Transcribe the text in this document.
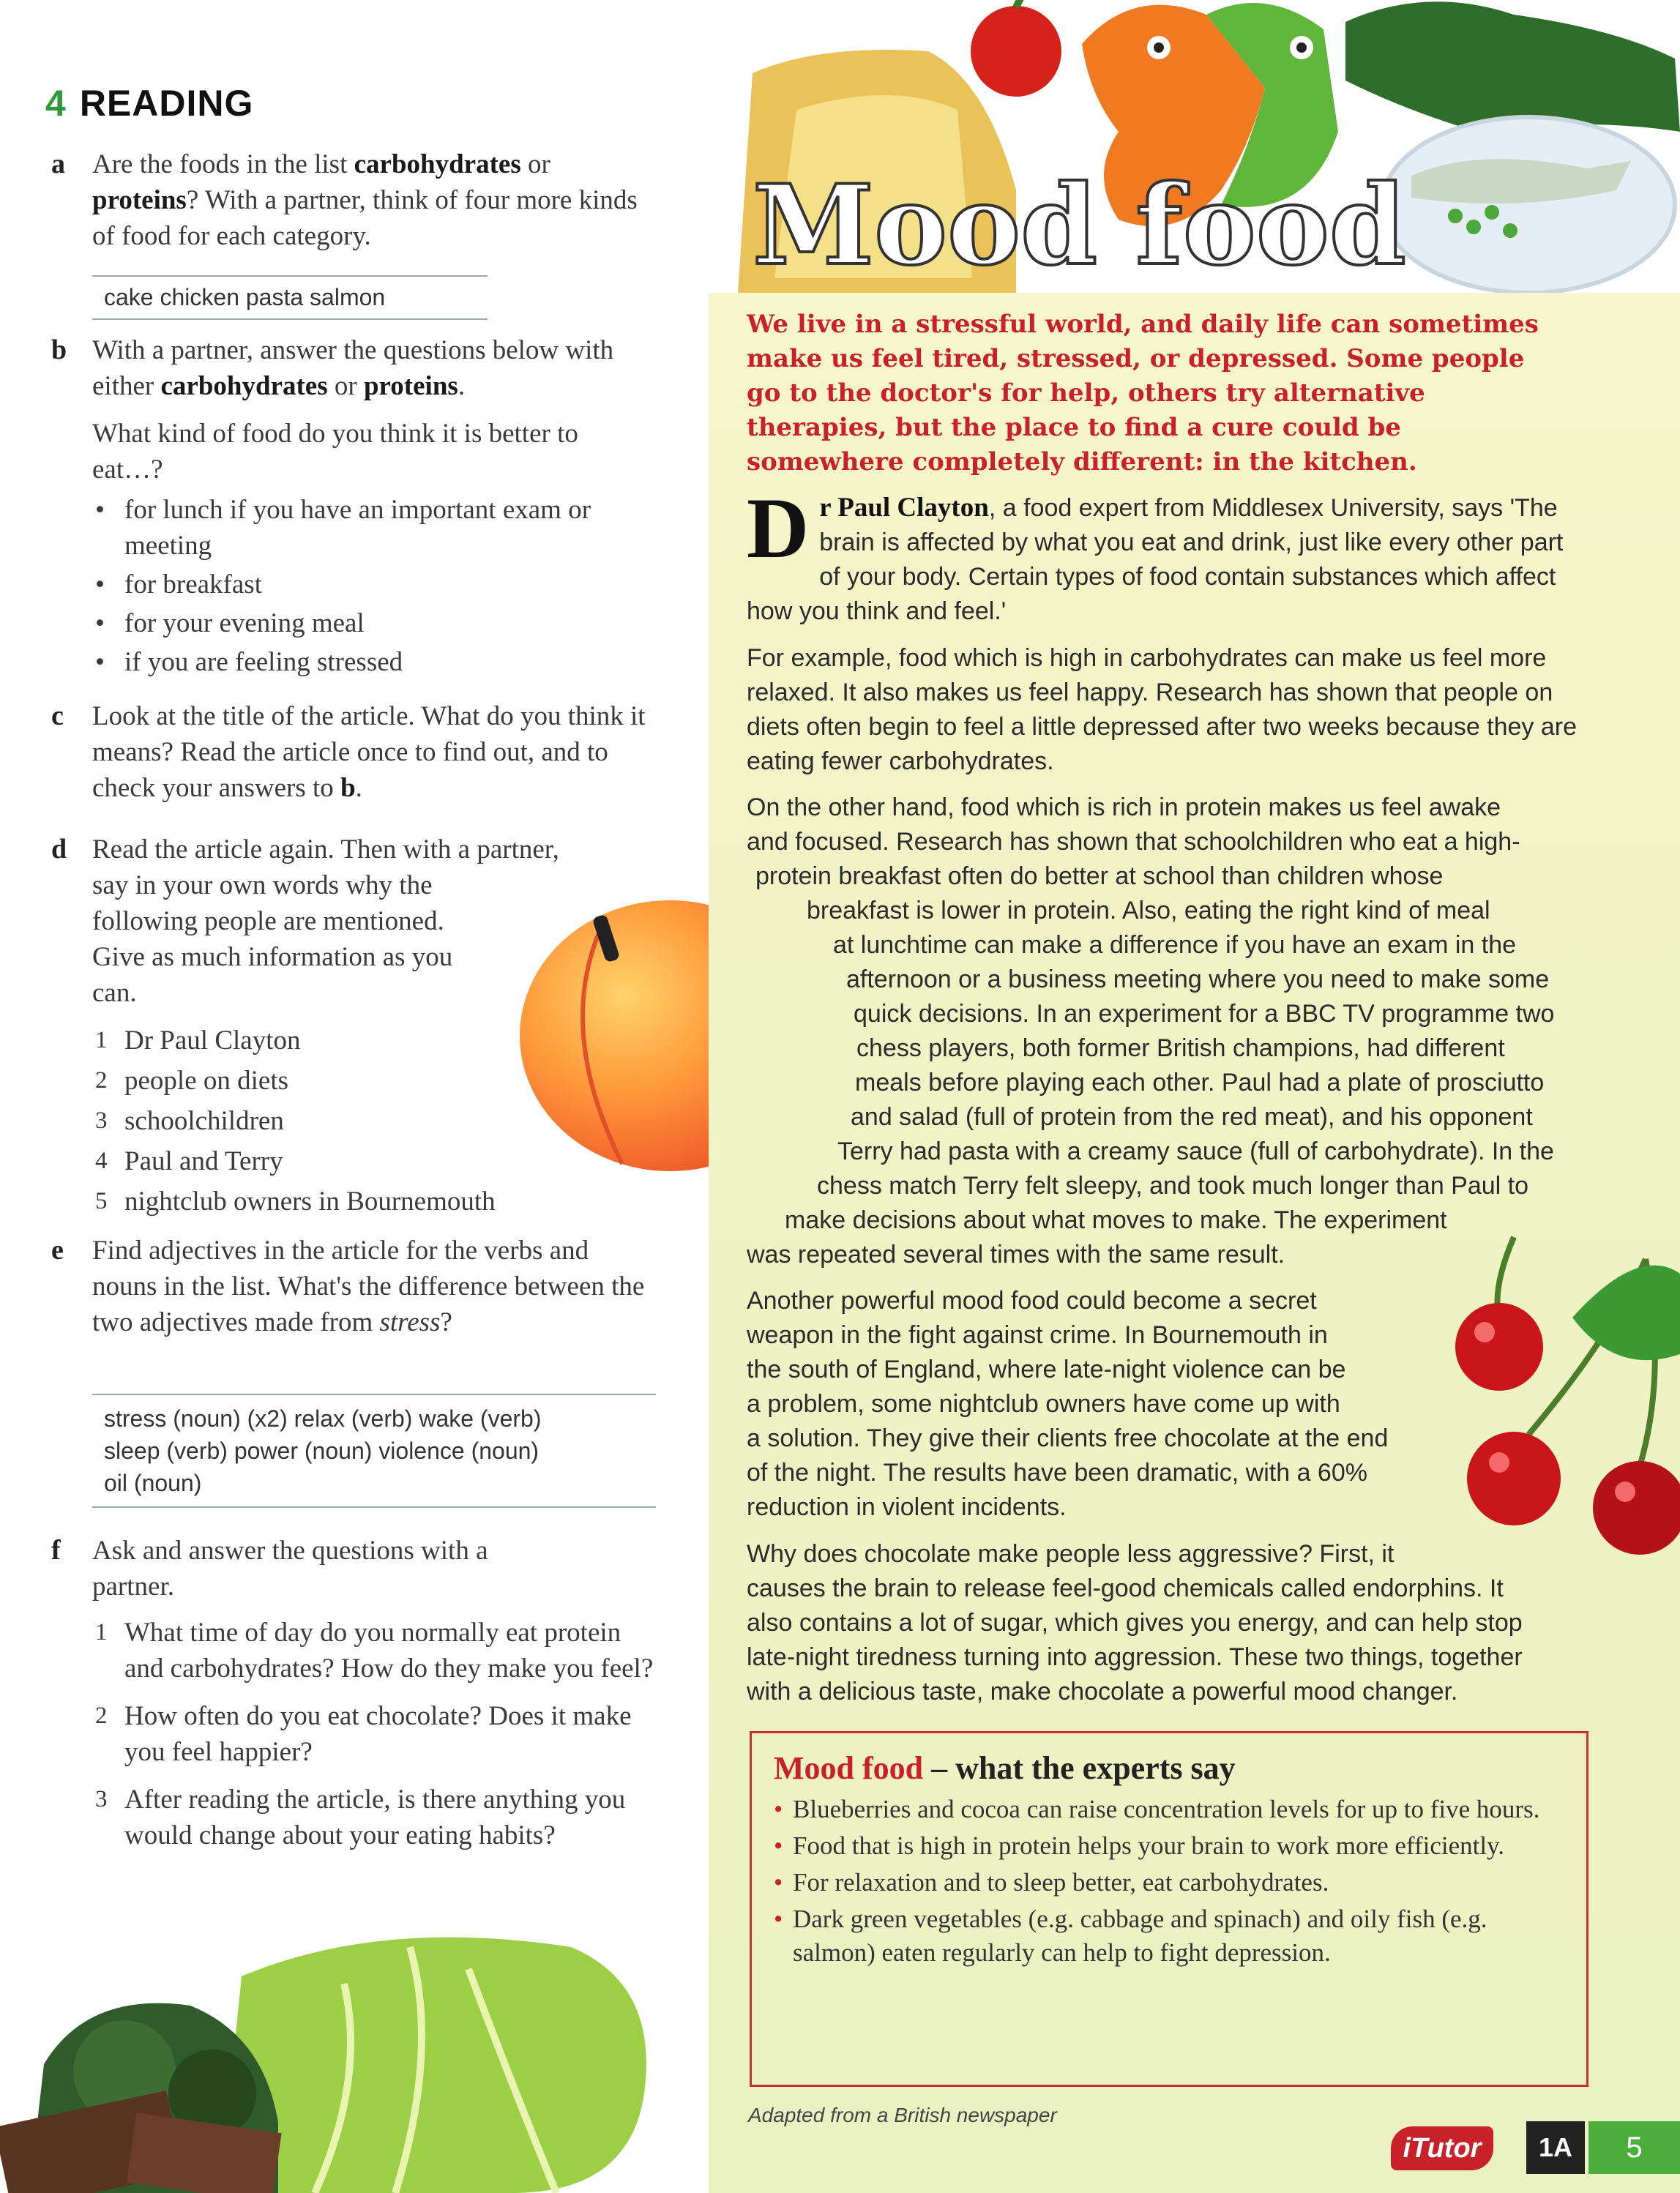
4 READING
a Are the foods in the list carbohydrates or proteins? With a partner, think of four more kinds of food for each category.
cake chicken pasta salmon
b With a partner, answer the questions below with either carbohydrates or proteins.
What kind of food do you think it is better to eat…?
• for lunch if you have an important exam or meeting
• for breakfast
• for your evening meal
• if you are feeling stressed
c Look at the title of the article. What do you think it means? Read the article once to find out, and to check your answers to b.
d Read the article again. Then with a partner,
say in your own words why the
following people are mentioned.
Give as much information as you
can.
1 Dr Paul Clayton
2 people on diets
3 schoolchildren
4 Paul and Terry
5 nightclub owners in Bournemouth
e Find adjectives in the article for the verbs and nouns in the list. What's the difference between the two adjectives made from stress?
stress (noun) (x2) relax (verb) wake (verb)
sleep (verb) power (noun) violence (noun)
oil (noun)
f Ask and answer the questions with a partner.
1 What time of day do you normally eat protein and carbohydrates? How do they make you feel?
2 How often do you eat chocolate? Does it make you feel happier?
3 After reading the article, is there anything you would change about your eating habits?
Mood food
We live in a stressful world, and daily life can sometimes make us feel tired, stressed, or depressed. Some people go to the doctor's for help, others try alternative therapies, but the place to find a cure could be somewhere completely different: in the kitchen.
Dr Paul Clayton, a food expert from Middlesex University, says 'The brain is affected by what you eat and drink, just like every other part of your body. Certain types of food contain substances which affect how you think and feel.'
For example, food which is high in carbohydrates can make us feel more relaxed. It also makes us feel happy. Research has shown that people on diets often begin to feel a little depressed after two weeks because they are eating fewer carbohydrates.
On the other hand, food which is rich in protein makes us feel awake
and focused. Research has shown that schoolchildren who eat a high-
protein breakfast often do better at school than children whose
breakfast is lower in protein. Also, eating the right kind of meal
at lunchtime can make a difference if you have an exam in the
afternoon or a business meeting where you need to make some
quick decisions. In an experiment for a BBC TV programme two
chess players, both former British champions, had different
meals before playing each other. Paul had a plate of prosciutto
and salad (full of protein from the red meat), and his opponent
Terry had pasta with a creamy sauce (full of carbohydrate). In the
chess match Terry felt sleepy, and took much longer than Paul to
make decisions about what moves to make. The experiment
was repeated several times with the same result.
Another powerful mood food could become a secret
weapon in the fight against crime. In Bournemouth in
the south of England, where late-night violence can be
a problem, some nightclub owners have come up with
a solution. They give their clients free chocolate at the end
of the night. The results have been dramatic, with a 60%
reduction in violent incidents.
Why does chocolate make people less aggressive? First, it
causes the brain to release feel-good chemicals called endorphins. It
also contains a lot of sugar, which gives you energy, and can help stop
late-night tiredness turning into aggression. These two things, together
with a delicious taste, make chocolate a powerful mood changer.
Mood food – what the experts say
• Blueberries and cocoa can raise concentration levels for up to five hours.
• Food that is high in protein helps your brain to work more efficiently.
• For relaxation and to sleep better, eat carbohydrates.
• Dark green vegetables (e.g. cabbage and spinach) and oily fish (e.g. salmon) eaten regularly can help to fight depression.
Adapted from a British newspaper
iTutor	1A	5
